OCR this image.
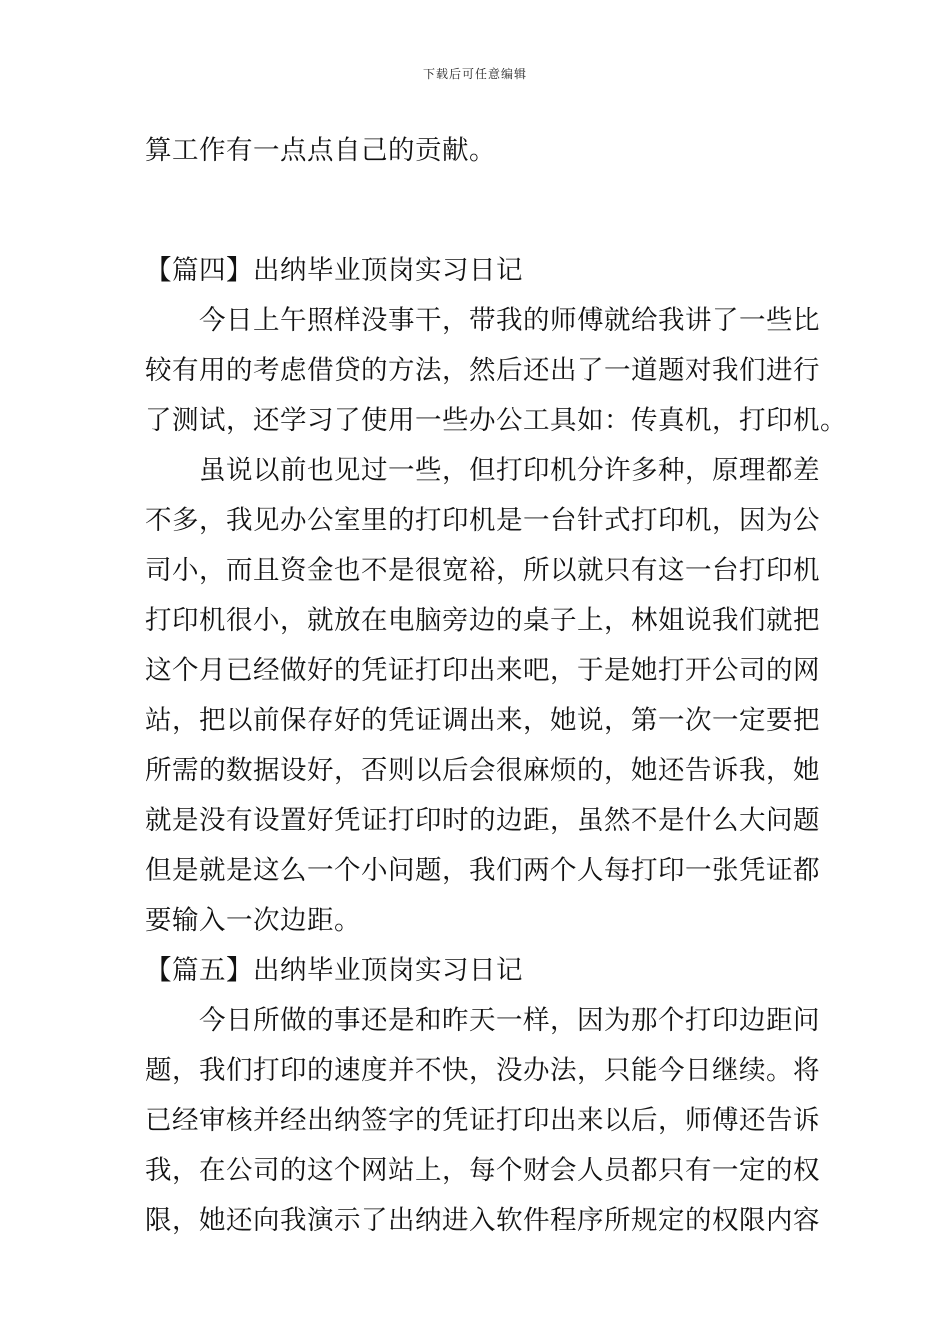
下载后可任意编辑
算工作有一点点自己的贡献。
【篇四】出纳毕业顶岗实习日记
今日上午照样没事干，带我的师傅就给我讲了一些比
较有用的考虑借贷的方法，然后还出了一道题对我们进行
了测试，还学习了使用一些办公工具如：传真机，打印机。
虽说以前也见过一些，但打印机分许多种，原理都差
不多，我见办公室里的打印机是一台针式打印机，因为公
司小，而且资金也不是很宽裕，所以就只有这一台打印机
打印机很小，就放在电脑旁边的桌子上，林姐说我们就把
这个月已经做好的凭证打印出来吧，于是她打开公司的网
站，把以前保存好的凭证调出来，她说，第一次一定要把
所需的数据设好，否则以后会很麻烦的，她还告诉我，她
就是没有设置好凭证打印时的边距，虽然不是什么大问题
但是就是这么一个小问题，我们两个人每打印一张凭证都
要输入一次边距。
【篇五】出纳毕业顶岗实习日记
今日所做的事还是和昨天一样，因为那个打印边距问
题，我们打印的速度并不快，没办法，只能今日继续。将
已经审核并经出纳签字的凭证打印出来以后，师傅还告诉
我，在公司的这个网站上，每个财会人员都只有一定的权
限，她还向我演示了出纳进入软件程序所规定的权限内容
